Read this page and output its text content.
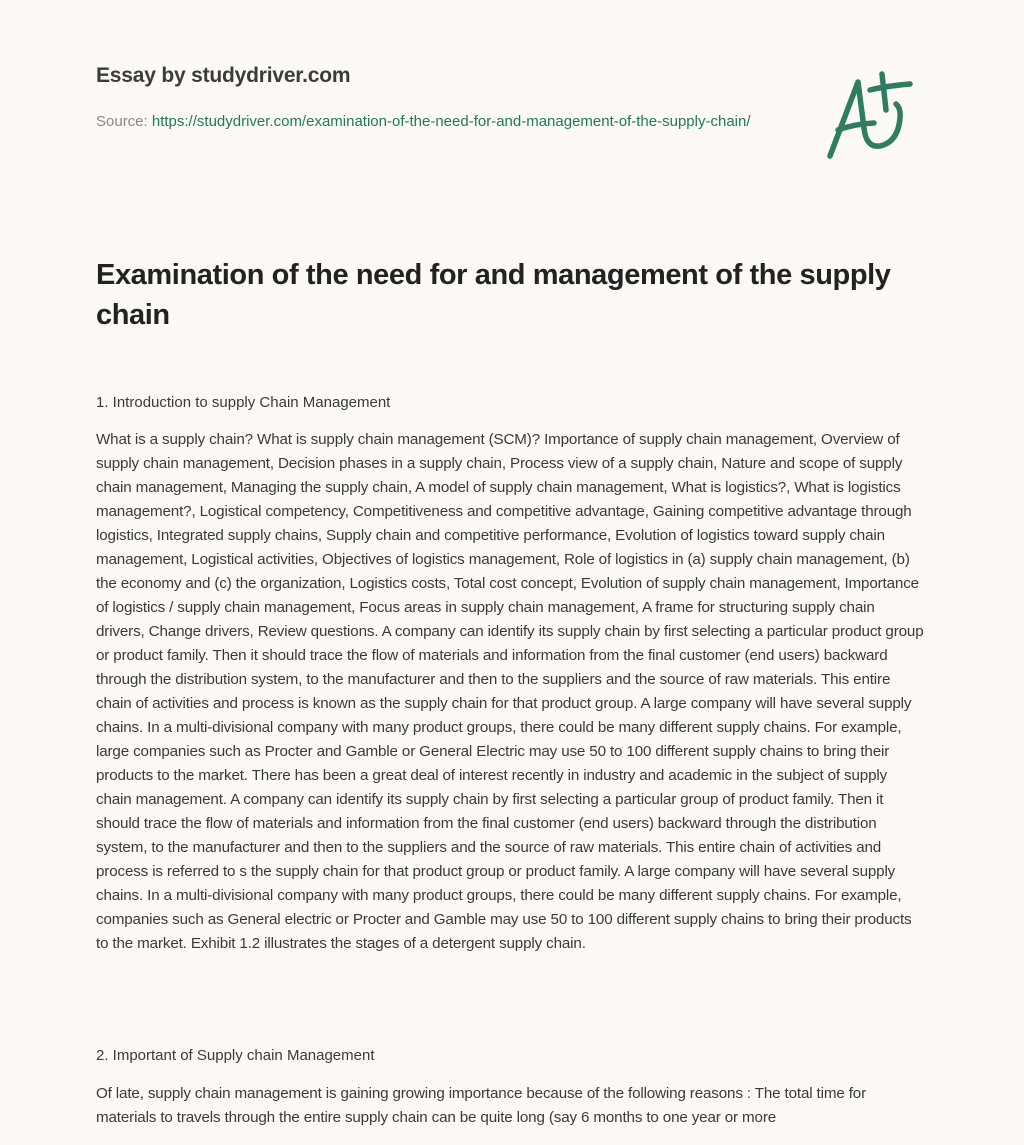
Essay by studydriver.com
Source: https://studydriver.com/examination-of-the-need-for-and-management-of-the-supply-chain/
Examination of the need for and management of the supply chain
1. Introduction to supply Chain Management

What is a supply chain? What is supply chain management (SCM)? Importance of supply chain management, Overview of supply chain management, Decision phases in a supply chain, Process view of a supply chain, Nature and scope of supply chain management, Managing the supply chain, A model of supply chain management, What is logistics?, What is logistics management?, Logistical competency, Competitiveness and competitive advantage, Gaining competitive advantage through logistics, Integrated supply chains, Supply chain and competitive performance, Evolution of logistics toward supply chain management, Logistical activities, Objectives of logistics management, Role of logistics in (a) supply chain management, (b) the economy and (c) the organization, Logistics costs, Total cost concept, Evolution of supply chain management, Importance of logistics / supply chain management, Focus areas in supply chain management, A frame for structuring supply chain drivers, Change drivers, Review questions. A company can identify its supply chain by first selecting a particular product group or product family. Then it should trace the flow of materials and information from the final customer (end users) backward through the distribution system, to the manufacturer and then to the suppliers and the source of raw materials. This entire chain of activities and process is known as the supply chain for that product group. A large company will have several supply chains. In a multi-divisional company with many product groups, there could be many different supply chains. For example, large companies such as Procter and Gamble or General Electric may use 50 to 100 different supply chains to bring their products to the market. There has been a great deal of interest recently in industry and academic in the subject of supply chain management. A company can identify its supply chain by first selecting a particular group of product family. Then it should trace the flow of materials and information from the final customer (end users) backward through the distribution system, to the manufacturer and then to the suppliers and the source of raw materials. This entire chain of activities and process is referred to s the supply chain for that product group or product family. A large company will have several supply chains. In a multi-divisional company with many product groups, there could be many different supply chains. For example, companies such as General electric or Procter and Gamble may use 50 to 100 different supply chains to bring their products to the market. Exhibit 1.2 illustrates the stages of a detergent supply chain.

2. Important of Supply chain Management

Of late, supply chain management is gaining growing importance because of the following reasons : The total time for materials to travels through the entire supply chain can be quite long (say 6 months to one year or more
